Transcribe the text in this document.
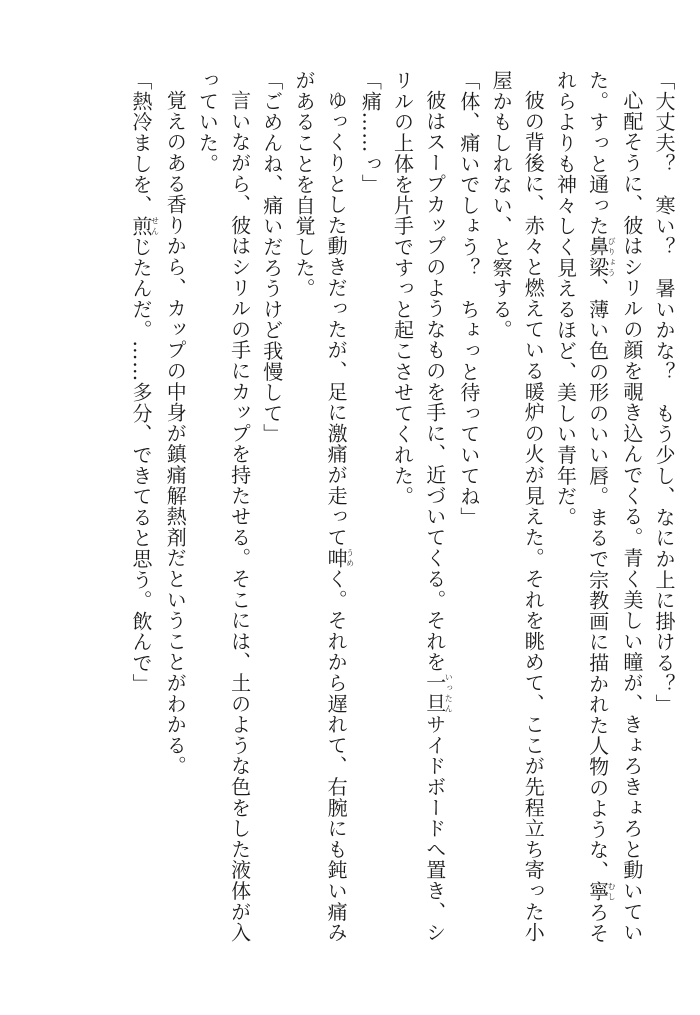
「大丈夫？　寒い？　暑いかな？　もう少し、なにか上に掛ける？」
心配そうに、彼はシリルの顔を覗き込んでくる。青く美しい瞳が、きょろきょろと動いてい
た。すっと通った鼻梁びりょう、薄い色の形のいい唇。まるで宗教画に描かれた人物のような、寧むしろそ
れらよりも神々しく見えるほど、美しい青年だ。
彼の背後に、赤々と燃えている暖炉の火が見えた。それを眺めて、ここが先程立ち寄った小
屋かもしれない、と察する。
「体、痛いでしょう？　ちょっと待っていてね」
彼はスープカップのようなものを手に、近づいてくる。それを一旦いったんサイドボードへ置き、シ
リルの上体を片手ですっと起こさせてくれた。
「痛……っ」
ゆっくりとした動きだったが、足に激痛が走って呻うめく。それから遅れて、右腕にも鈍い痛み
があることを自覚した。
「ごめんね、痛いだろうけど我慢して」
言いながら、彼はシリルの手にカップを持たせる。そこには、土のような色をした液体が入
っていた。
覚えのある香りから、カップの中身が鎮痛解熱剤だということがわかる。
「熱冷ましを、煎せんじたんだ。……多分、できてると思う。飲んで」
